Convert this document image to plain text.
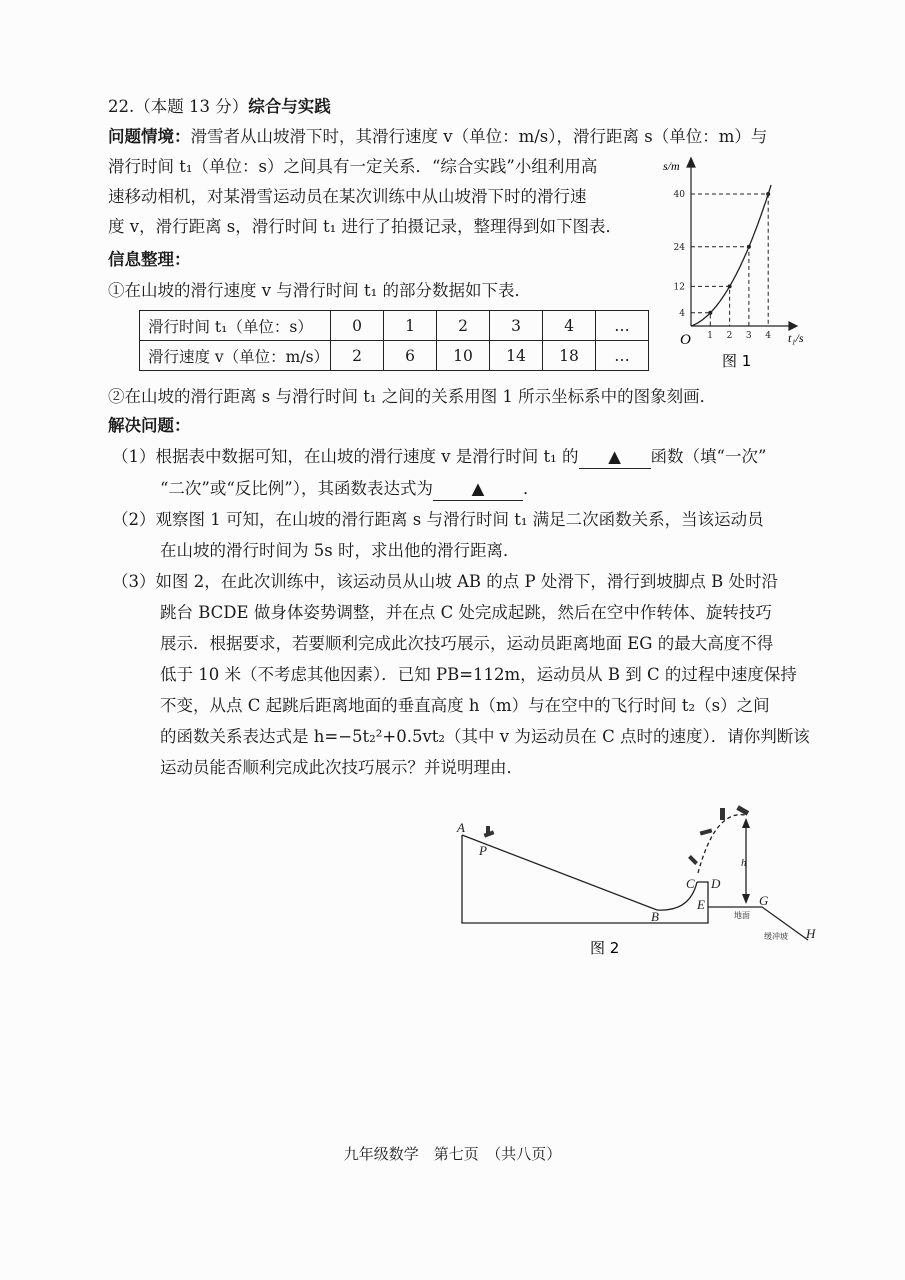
22.（本题 13 分）综合与实践
问题情境：滑雪者从山坡滑下时，其滑行速度 v（单位：m/s），滑行距离 s（单位：m）与
滑行时间 t₁（单位：s）之间具有一定关系．“综合实践”小组利用高
速移动相机，对某滑雪运动员在某次训练中从山坡滑下时的滑行速
度 v，滑行距离 s，滑行时间 t₁ 进行了拍摄记录，整理得到如下图表．
信息整理：
①在山坡的滑行速度 v 与滑行时间 t₁ 的部分数据如下表．
滑行时间 t₁（单位：s）	0	1	2	3	4	…
滑行速度 v（单位：m/s）	2	6	10	14	18	…
②在山坡的滑行距离 s 与滑行时间 t₁ 之间的关系用图 1 所示坐标系中的图象刻画．
解决问题：
（1）根据表中数据可知，在山坡的滑行速度 v 是滑行时间 t₁ 的 ▲ 函数（填“一次”
“二次”或“反比例”），其函数表达式为 ▲ ．
（2）观察图 1 可知，在山坡的滑行距离 s 与滑行时间 t₁ 满足二次函数关系，当该运动员
在山坡的滑行时间为 5s 时，求出他的滑行距离．
（3）如图 2，在此次训练中，该运动员从山坡 AB 的点 P 处滑下，滑行到坡脚点 B 处时沿
跳台 BCDE 做身体姿势调整，并在点 C 处完成起跳，然后在空中作转体、旋转技巧
展示．根据要求，若要顺利完成此次技巧展示，运动员距离地面 EG 的最大高度不得
低于 10 米（不考虑其他因素）．已知 PB=112m，运动员从 B 到 C 的过程中速度保持
不变，从点 C 起跳后距离地面的垂直高度 h（m）与在空中的飞行时间 t₂（s）之间
的函数关系表达式是 h=−5t₂²+0.5vt₂（其中 v 为运动员在 C 点时的速度）．请你判断该
运动员能否顺利完成此次技巧展示？并说明理由．
1
4
2
12
3
24
4
40
s/m
t₁/s
O
图 1
A
P
B
C D
E	G
H
h
地面
缓冲坡
图 2
九年级数学　第七页　（共八页）
